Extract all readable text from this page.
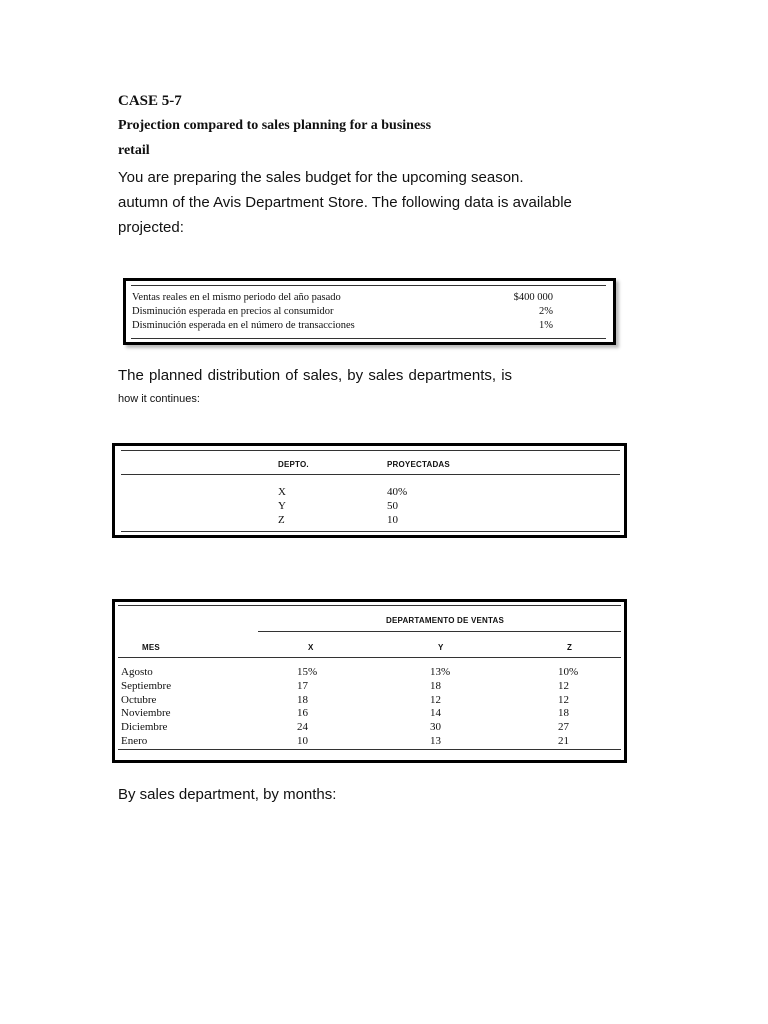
CASE 5-7
Projection compared to sales planning for a business
retail
You are preparing the sales budget for the upcoming season.
autumn of the Avis Department Store. The following data is available
projected:
Ventas reales en el mismo periodo del año pasado	$400 000
Disminución esperada en precios al consumidor	2%
Disminución esperada en el número de transacciones	1%
The planned distribution of sales, by sales departments, is
how it continues:
DEPTO.	PROYECTADAS
X	40%
Y	50
Z	10
DEPARTAMENTO DE VENTAS
MES	X	Y	Z
Agosto	15%	13%	10%
Septiembre	17	18	12
Octubre	18	12	12
Noviembre	16	14	18
Diciembre	24	30	27
Enero	10	13	21
By sales department, by months:
